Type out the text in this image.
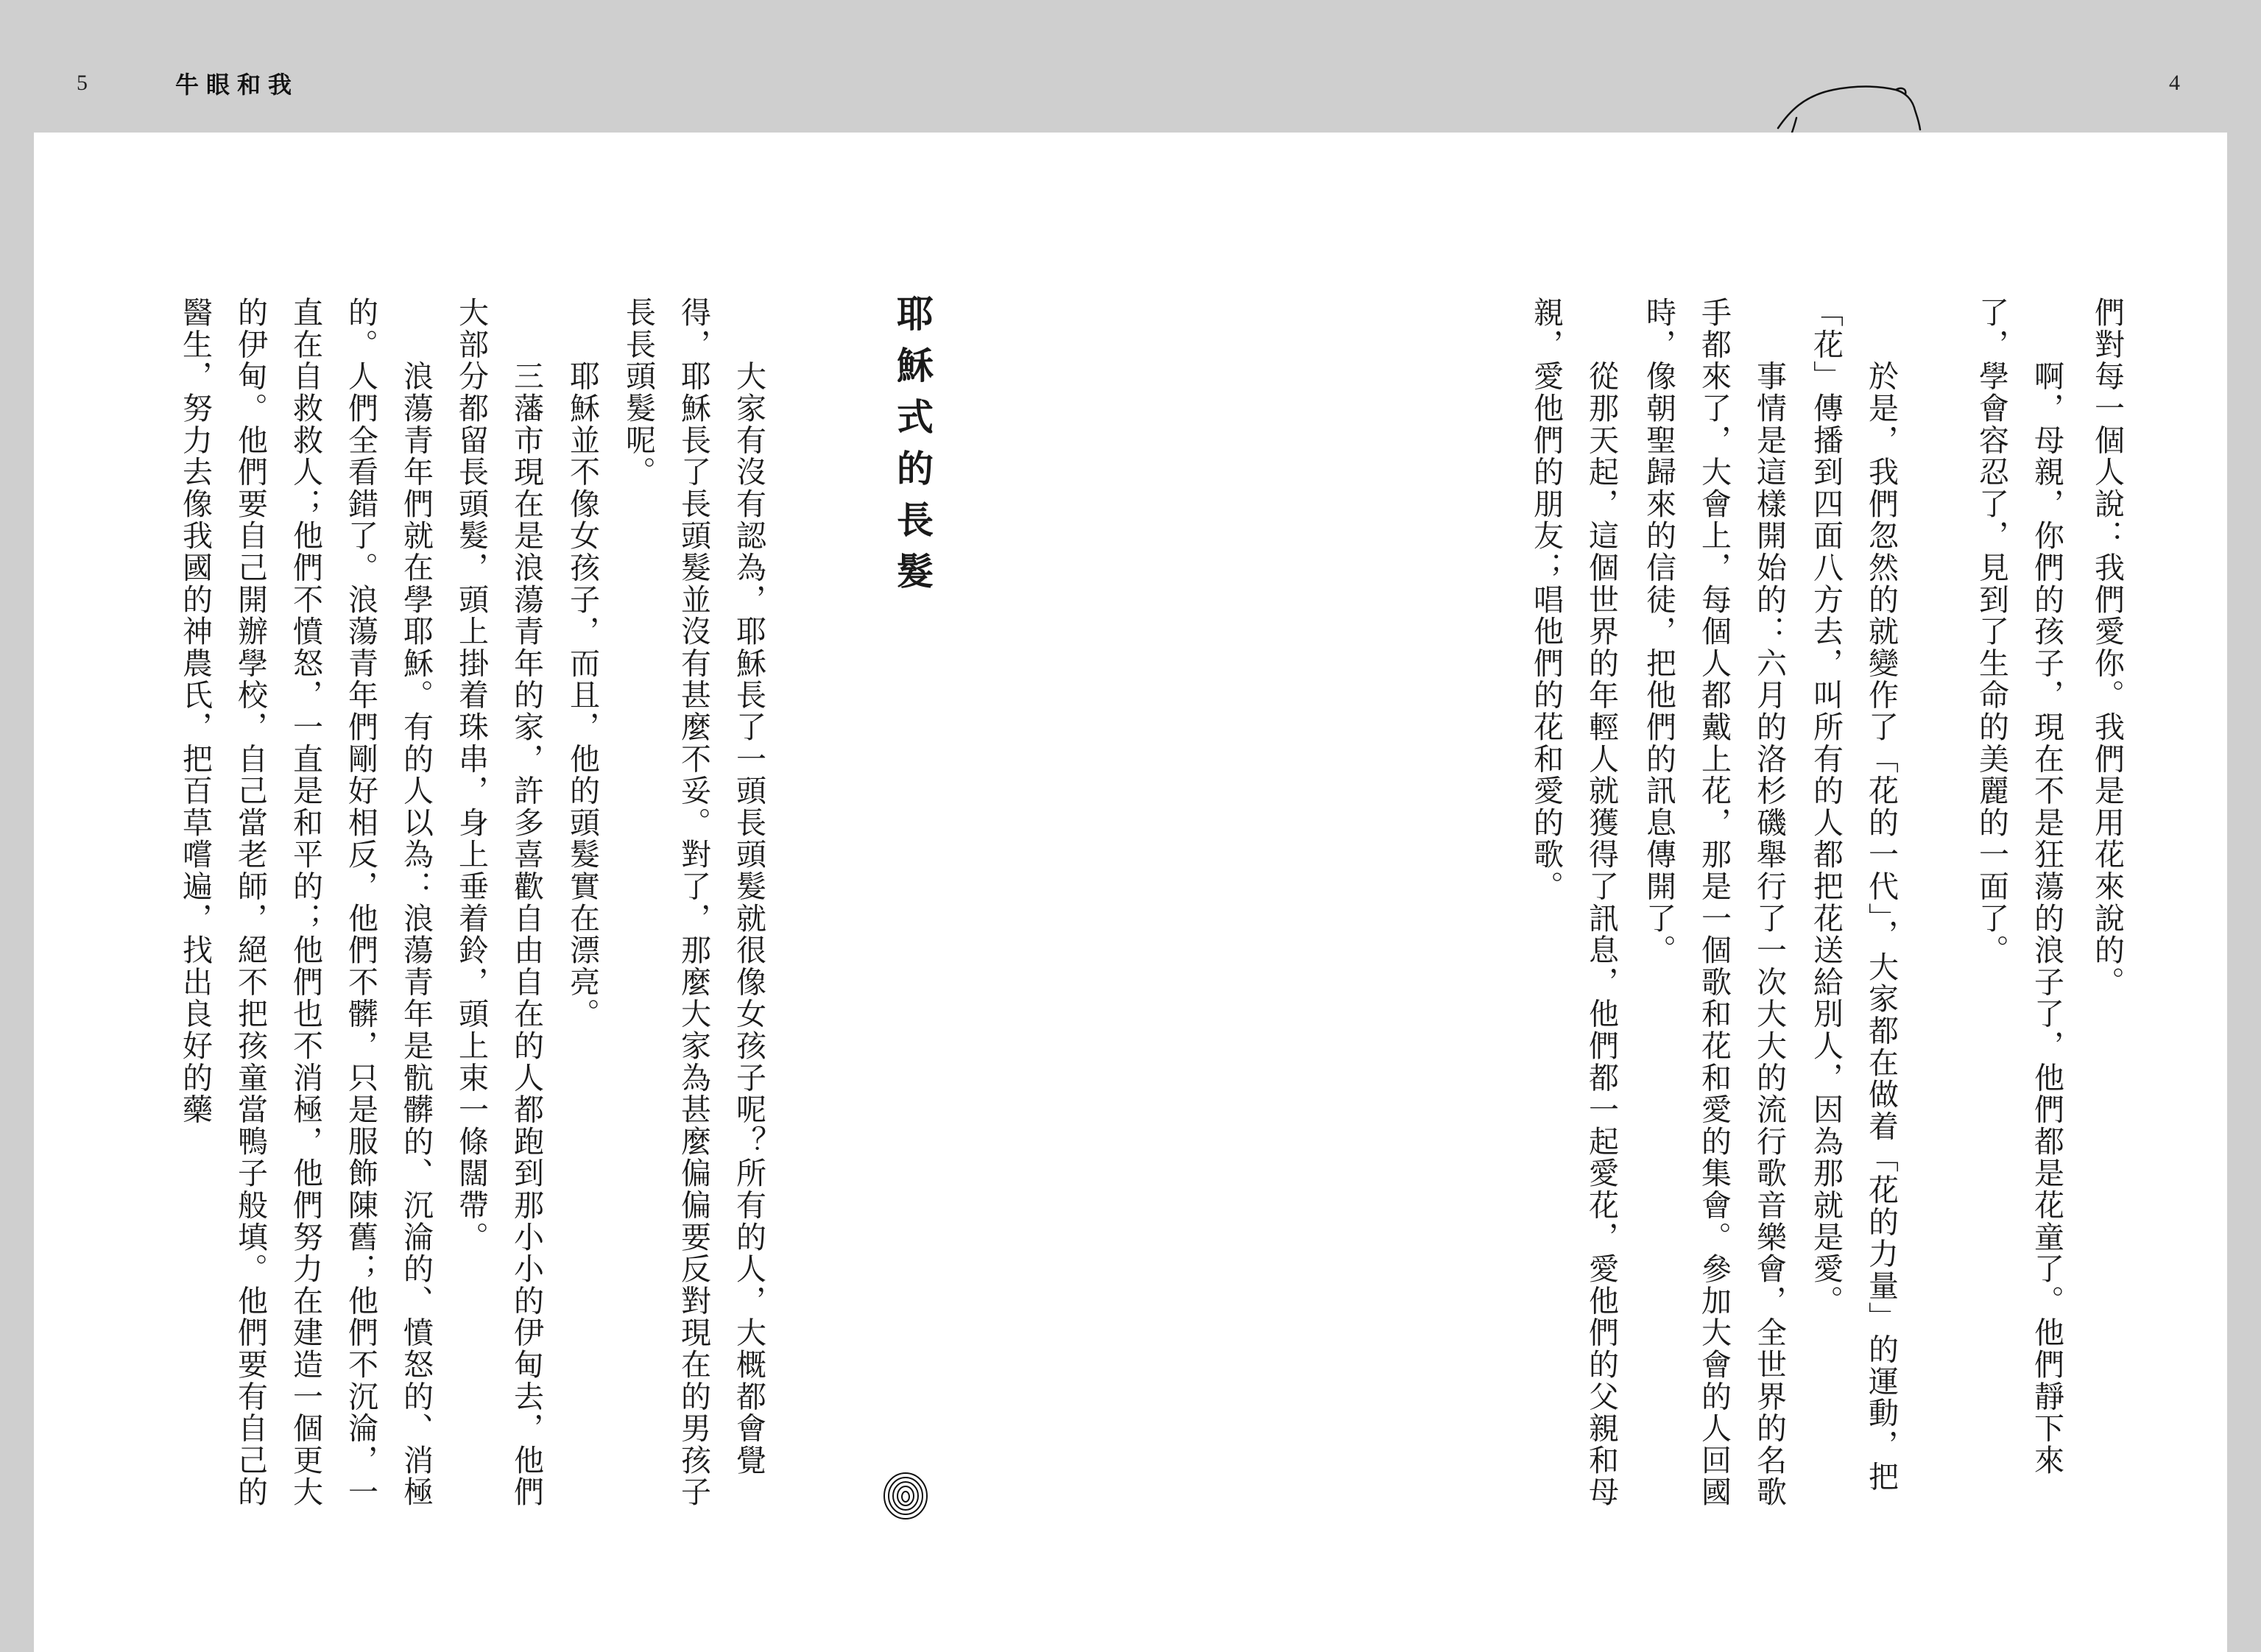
5	牛眼和我	4
們對每一個人說：我們愛你。我們是用花來說的。
　　啊，母親，你們的孩子，現在不是狂蕩的浪子了，他們都是花童了。他們靜下來了，學會容忍了，見到了生命的美麗的一面了。
　　於是，我們忽然的就變作了「花的一代」，大家都在做着「花的力量」的運動，把「花」傳播到四面八方去，叫所有的人都把花送給別人，因為那就是愛。
　　事情是這樣開始的：六月的洛杉磯舉行了一次大大的流行歌音樂會，全世界的名歌手都來了，大會上，每個人都戴上花，那是一個歌和花和愛的集會。參加大會的人回國時，像朝聖歸來的信徒，把他們的訊息傳開了。
　　從那天起，這個世界的年輕人就獲得了訊息，他們都一起愛花，愛他們的父親和母親，愛他們的朋友；唱他們的花和愛的歌。
耶穌式的長髮
　　大家有沒有認為，耶穌長了一頭長頭髮就很像女孩子呢？所有的人，大概都會覺得，耶穌長了長頭髮並沒有甚麼不妥。對了，那麼大家為甚麼偏偏要反對現在的男孩子長長頭髮呢。
　　耶穌並不像女孩子，而且，他的頭髮實在漂亮。
　　三藩市現在是浪蕩青年的家，許多喜歡自由自在的人都跑到那小小的伊甸去，他們大部分都留長頭髮，頭上掛着珠串，身上垂着鈴，頭上束一條闊帶。
　　浪蕩青年們就在學耶穌。有的人以為：浪蕩青年是骯髒的、沉淪的、憤怒的、消極的。人們全看錯了。浪蕩青年們剛好相反，他們不髒，只是服飾陳舊；他們不沉淪，一直在自救救人；他們不憤怒，一直是和平的；他們也不消極，他們努力在建造一個更大的伊甸。他們要自己開辦學校，自己當老師，絕不把孩童當鴨子般填。他們要有自己的醫生，努力去像我國的神農氏，把百草嚐遍，找出良好的藥
